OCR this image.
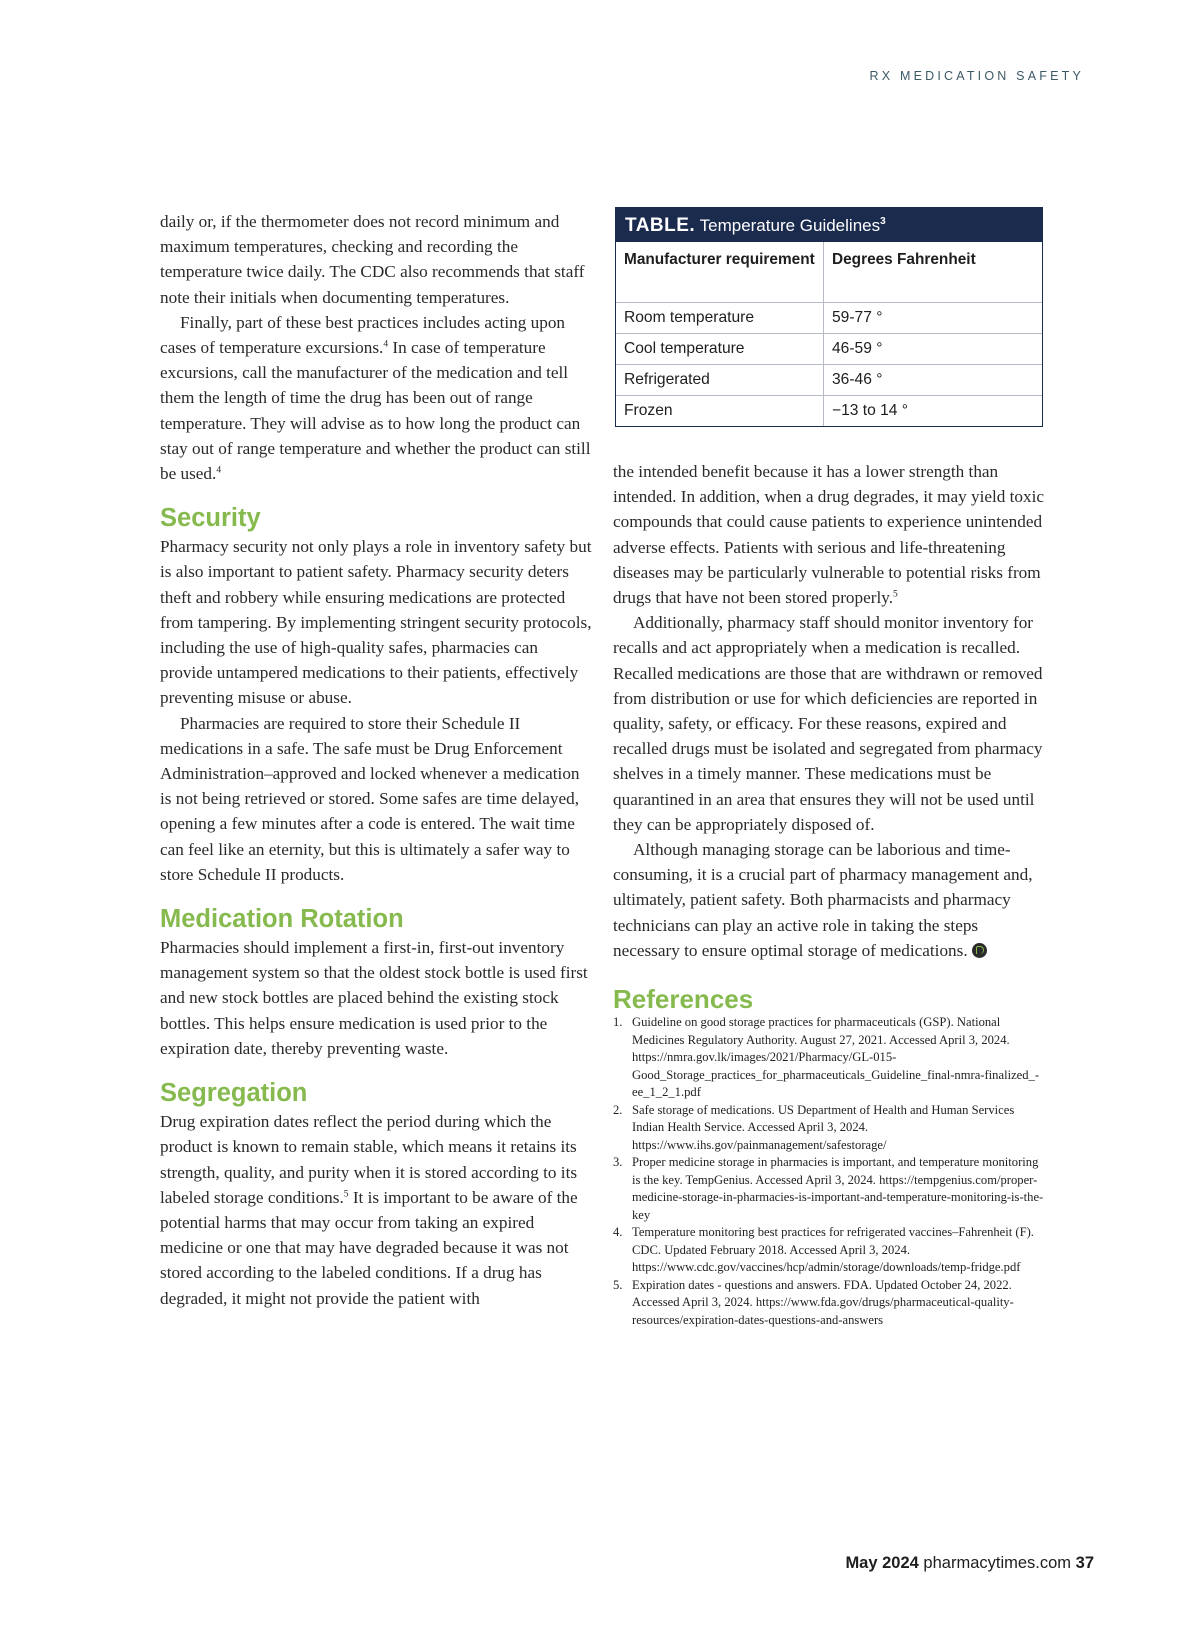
RX MEDICATION SAFETY

daily or, if the thermometer does not record minimum and maximum temperatures, checking and recording the temperature twice daily. The CDC also recommends that staff note their initials when documenting temperatures.

Finally, part of these best practices includes acting upon cases of temperature excursions.$^4$ In case of temperature excursions, call the manufacturer of the medication and tell them the length of time the drug has been out of range temperature. They will advise as to how long the product can stay out of range temperature and whether the product can still be used.$^4$

Security

Pharmacy security not only plays a role in inventory safety but is also important to patient safety. Pharmacy security deters theft and robbery while ensuring medications are protected from tampering. By implementing stringent security protocols, including the use of high-quality safes, pharmacies can provide untampered medications to their patients, effectively preventing misuse or abuse.

Pharmacies are required to store their Schedule II medications in a safe. The safe must be Drug Enforcement Administration–approved and locked whenever a medication is not being retrieved or stored. Some safes are time delayed, opening a few minutes after a code is entered. The wait time can feel like an eternity, but this is ultimately a safer way to store Schedule II products.

Medication Rotation

Pharmacies should implement a first-in, first-out inventory management system so that the oldest stock bottle is used first and new stock bottles are placed behind the existing stock bottles. This helps ensure medication is used prior to the expiration date, thereby preventing waste.

Segregation

Drug expiration dates reflect the period during which the product is known to remain stable, which means it retains its strength, quality, and purity when it is stored according to its labeled storage conditions.$^5$ It is important to be aware of the potential harms that may occur from taking an expired medicine or one that may have degraded because it was not stored according to the labeled conditions. If a drug has degraded, it might not provide the patient with

TABLE. Temperature Guidelines$^3$
Manufacturer requirement	Degrees Fahrenheit
Room temperature	59-77 °
Cool temperature	46-59 °
Refrigerated	36-46 °
Frozen	−13 to 14 °

the intended benefit because it has a lower strength than intended. In addition, when a drug degrades, it may yield toxic compounds that could cause patients to experience unintended adverse effects. Patients with serious and life-threatening diseases may be particularly vulnerable to potential risks from drugs that have not been stored properly.$^5$

Additionally, pharmacy staff should monitor inventory for recalls and act appropriately when a medication is recalled. Recalled medications are those that are withdrawn or removed from distribution or use for which deficiencies are reported in quality, safety, or efficacy. For these reasons, expired and recalled drugs must be isolated and segregated from pharmacy shelves in a timely manner. These medications must be quarantined in an area that ensures they will not be used until they can be appropriately disposed of.

Although managing storage can be laborious and time-consuming, it is a crucial part of pharmacy management and, ultimately, patient safety. Both pharmacists and pharmacy technicians can play an active role in taking the steps necessary to ensure optimal storage of medications.

References
1. Guideline on good storage practices for pharmaceuticals (GSP). National Medicines Regulatory Authority. August 27, 2021. Accessed April 3, 2024. https://nmra.gov.lk/images/2021/Pharmacy/GL-015-Good_Storage_practices_for_pharmaceuticals_Guideline_final-nmra-finalized_-ee_1_2_1.pdf
2. Safe storage of medications. US Department of Health and Human Services Indian Health Service. Accessed April 3, 2024. https://www.ihs.gov/painmanagement/safestorage/
3. Proper medicine storage in pharmacies is important, and temperature monitoring is the key. TempGenius. Accessed April 3, 2024. https://tempgenius.com/proper-medicine-storage-in-pharmacies-is-important-and-temperature-monitoring-is-the-key
4. Temperature monitoring best practices for refrigerated vaccines–Fahrenheit (F). CDC. Updated February 2018. Accessed April 3, 2024. https://www.cdc.gov/vaccines/hcp/admin/storage/downloads/temp-fridge.pdf
5. Expiration dates - questions and answers. FDA. Updated October 24, 2022. Accessed April 3, 2024. https://www.fda.gov/drugs/pharmaceutical-quality-resources/expiration-dates-questions-and-answers
May 2024 pharmacytimes.com 37
